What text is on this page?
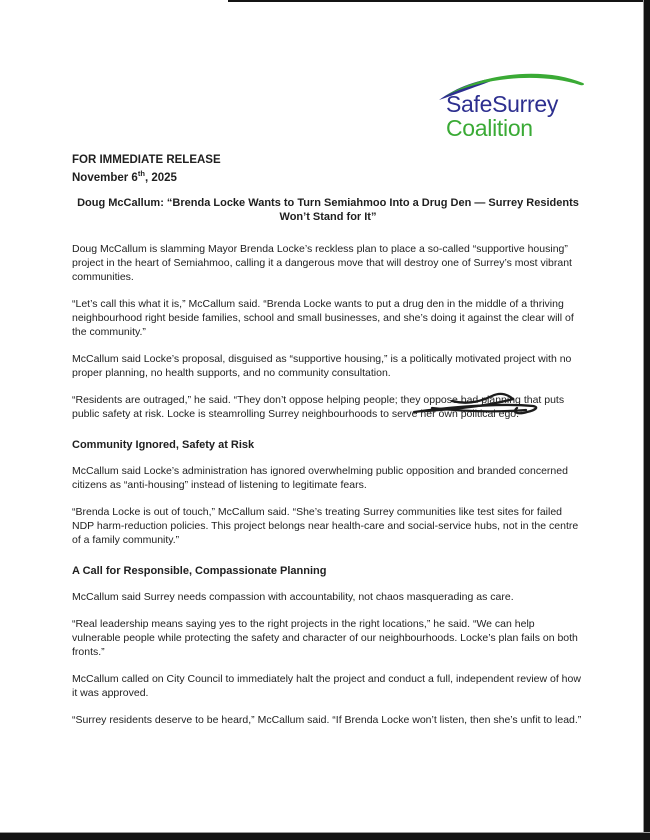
SafeSurrey
Coalition
FOR IMMEDIATE RELEASE
November 6th, 2025
Doug McCallum: “Brenda Locke Wants to Turn Semiahmoo Into a Drug Den — Surrey Residents Won’t Stand for It”

Doug McCallum is slamming Mayor Brenda Locke’s reckless plan to place a so-called “supportive housing” project in the heart of Semiahmoo, calling it a dangerous move that will destroy one of Surrey’s most vibrant communities.

“Let’s call this what it is,” McCallum said. “Brenda Locke wants to put a drug den in the middle of a thriving neighbourhood right beside families, school and small businesses, and she’s doing it against the clear will of the community.”

McCallum said Locke’s proposal, disguised as “supportive housing,” is a politically motivated project with no proper planning, no health supports, and no community consultation.

“Residents are outraged,” he said. “They don’t oppose helping people; they oppose bad planning that puts public safety at risk. Locke is steamrolling Surrey neighbourhoods to serve her own political ego.”

Community Ignored, Safety at Risk

McCallum said Locke’s administration has ignored overwhelming public opposition and branded concerned citizens as “anti-housing” instead of listening to legitimate fears.

“Brenda Locke is out of touch,” McCallum said. “She’s treating Surrey communities like test sites for failed NDP harm-reduction policies. This project belongs near health-care and social-service hubs, not in the centre of a family community.”

A Call for Responsible, Compassionate Planning

McCallum said Surrey needs compassion with accountability, not chaos masquerading as care.

“Real leadership means saying yes to the right projects in the right locations,” he said. “We can help vulnerable people while protecting the safety and character of our neighbourhoods. Locke’s plan fails on both fronts.”

McCallum called on City Council to immediately halt the project and conduct a full, independent review of how it was approved.

“Surrey residents deserve to be heard,” McCallum said. “If Brenda Locke won’t listen, then she’s unfit to lead.”
